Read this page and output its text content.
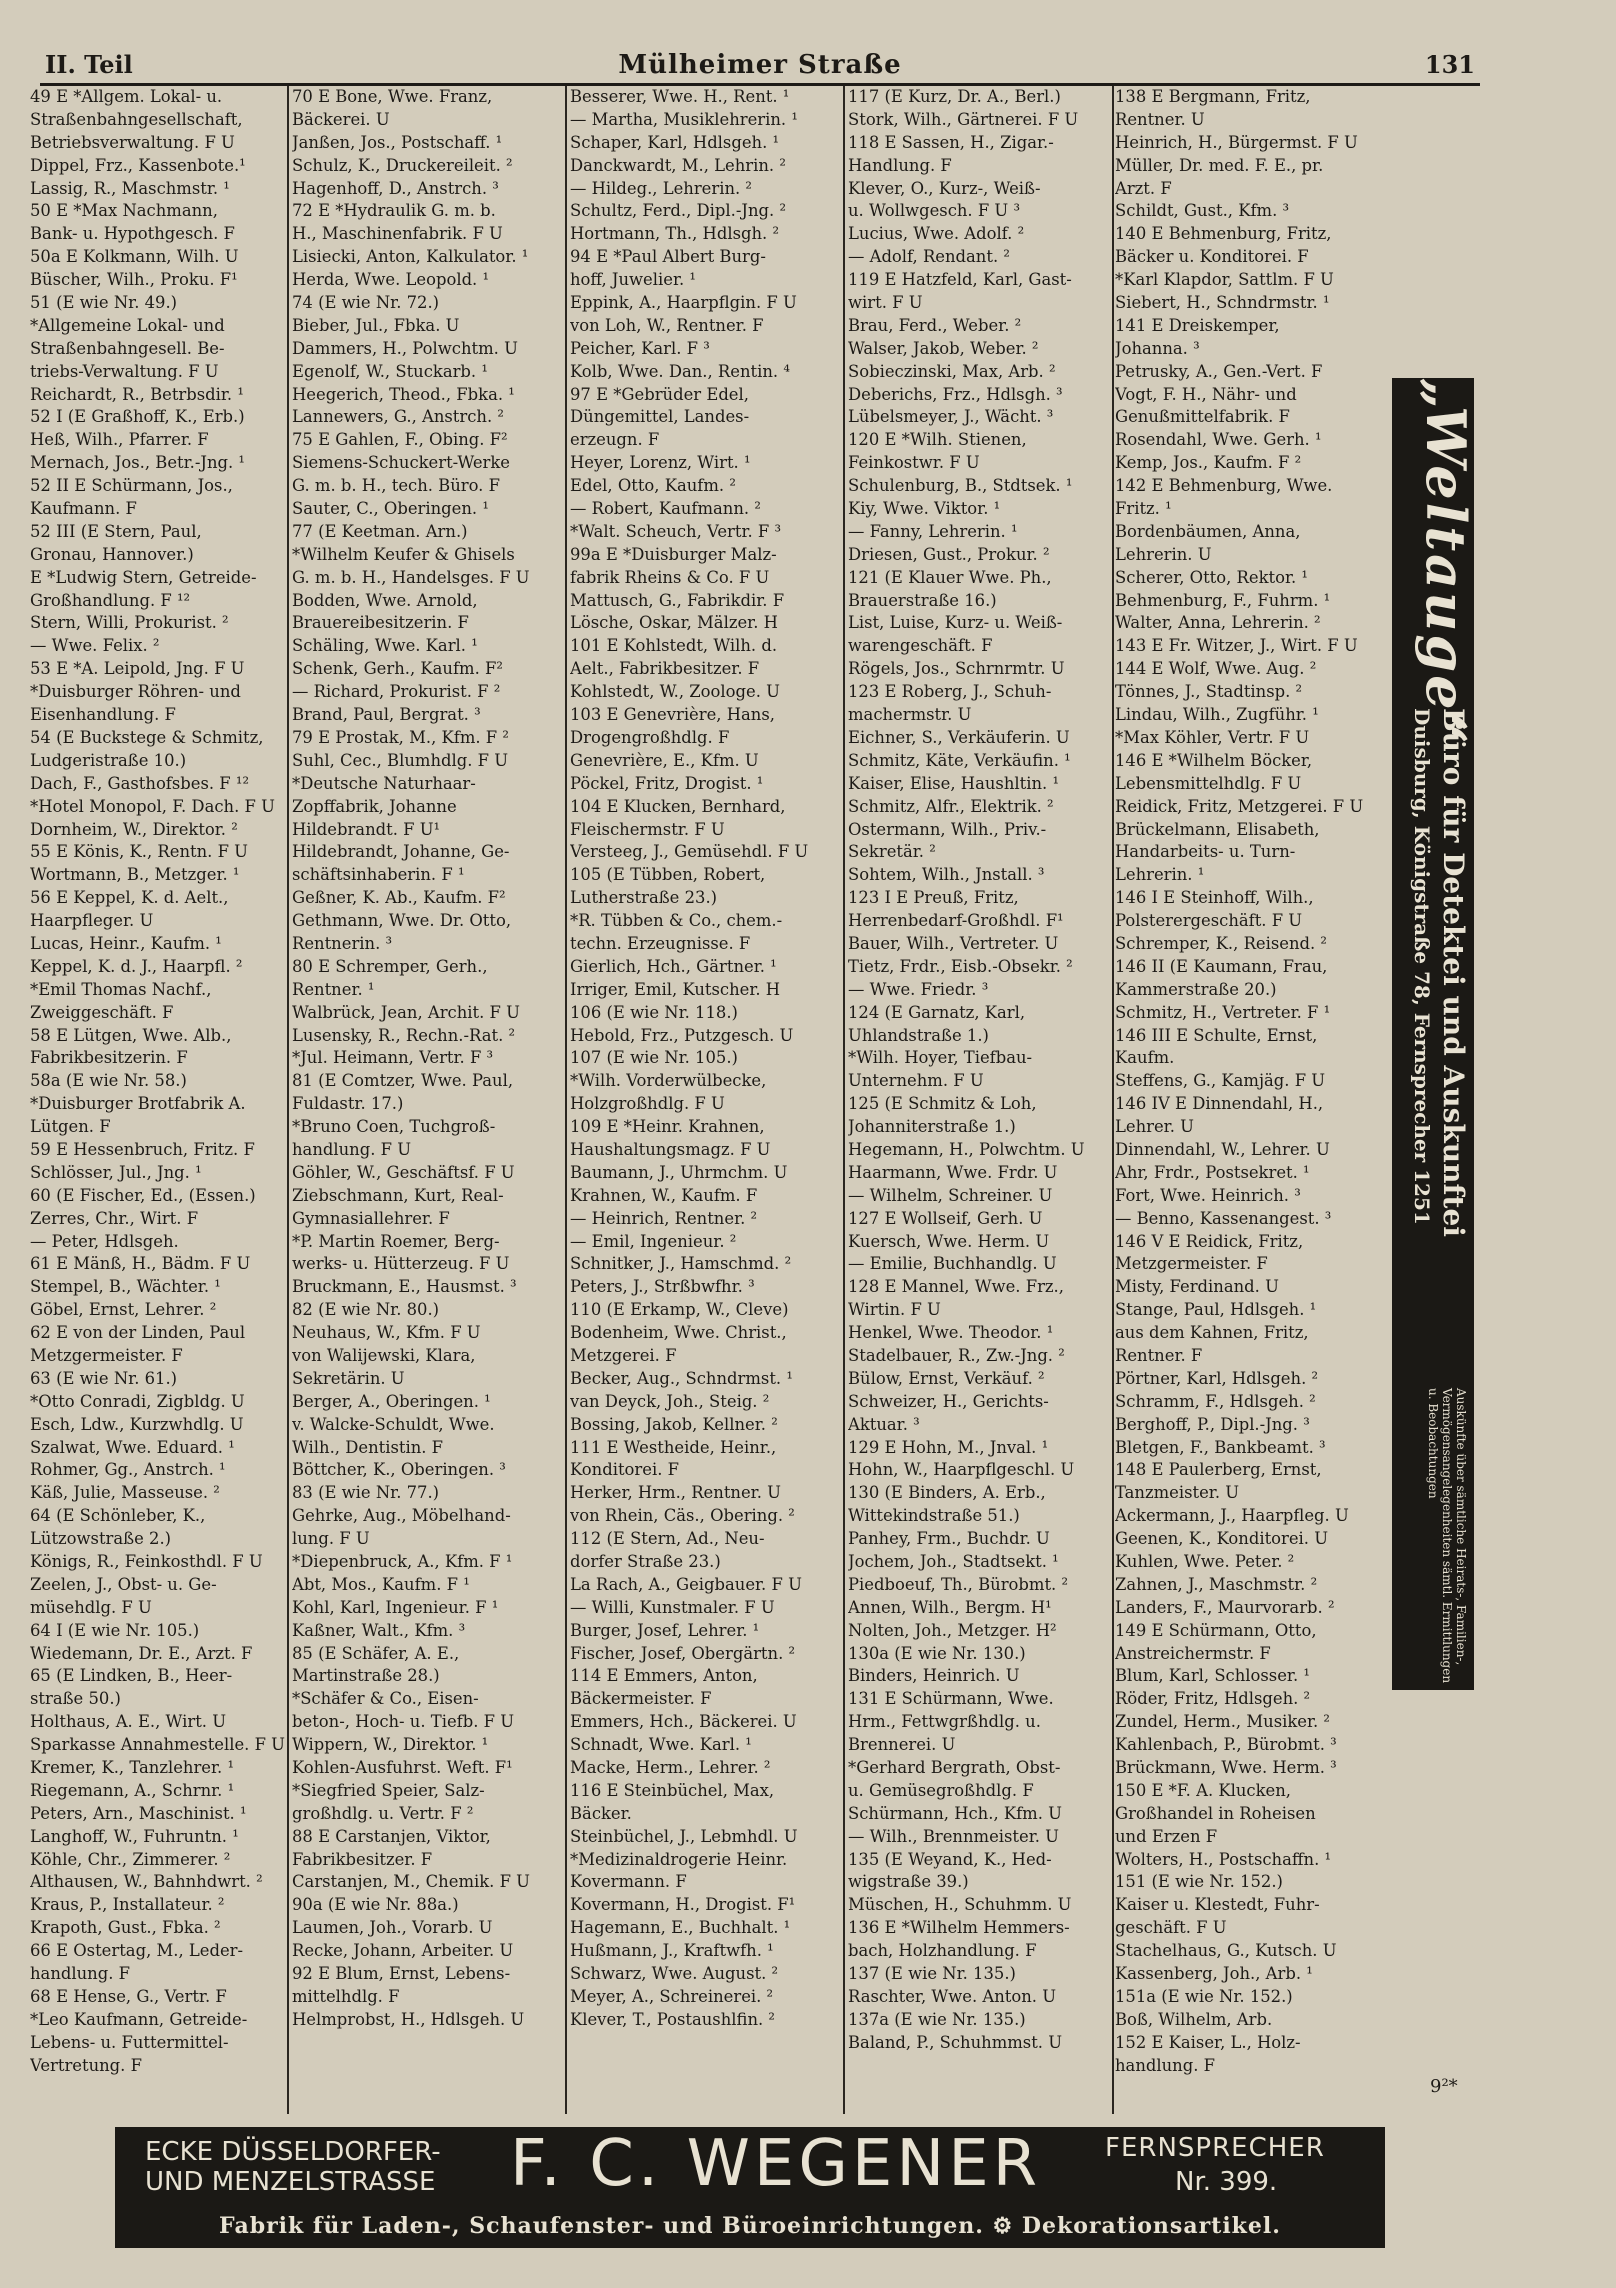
II. Teil	Mülheimer Straße	131
49 E *Allgem. Lokal- u.
Straßenbahngesellschaft,
Betriebsverwaltung. F U
Dippel, Frz., Kassenbote.¹
Lassig, R., Maschmstr. ¹
50 E *Max Nachmann,
Bank- u. Hypothgesch. F
50a E Kolkmann, Wilh. U
Büscher, Wilh., Proku. F¹
51 (E wie Nr. 49.)
*Allgemeine Lokal- und
Straßenbahngesell. Be-
triebs-Verwaltung. F U
Reichardt, R., Betrbsdir. ¹
52 I (E Graßhoff, K., Erb.)
Heß, Wilh., Pfarrer. F
Mernach, Jos., Betr.-Jng. ¹
52 II E Schürmann, Jos.,
Kaufmann. F
52 III (E Stern, Paul,
Gronau, Hannover.)
E *Ludwig Stern, Getreide-
Großhandlung. F ¹²
Stern, Willi, Prokurist. ²
— Wwe. Felix. ²
53 E *A. Leipold, Jng. F U
*Duisburger Röhren- und
Eisenhandlung. F
54 (E Buckstege & Schmitz,
Ludgeristraße 10.)
Dach, F., Gasthofsbes. F ¹²
*Hotel Monopol, F. Dach. F U
Dornheim, W., Direktor. ²
55 E Könis, K., Rentn. F U
Wortmann, B., Metzger. ¹
56 E Keppel, K. d. Aelt.,
Haarpfleger. U
Lucas, Heinr., Kaufm. ¹
Keppel, K. d. J., Haarpfl. ²
*Emil Thomas Nachf.,
Zweiggeschäft. F
58 E Lütgen, Wwe. Alb.,
Fabrikbesitzerin. F
58a (E wie Nr. 58.)
*Duisburger Brotfabrik A.
Lütgen. F
59 E Hessenbruch, Fritz. F
Schlösser, Jul., Jng. ¹
60 (E Fischer, Ed., (Essen.)
Zerres, Chr., Wirt. F
— Peter, Hdlsgeh.
61 E Mänß, H., Bädm. F U
Stempel, B., Wächter. ¹
Göbel, Ernst, Lehrer. ²
62 E von der Linden, Paul
Metzgermeister. F
63 (E wie Nr. 61.)
*Otto Conradi, Zigbldg. U
Esch, Ldw., Kurzwhdlg. U
Szalwat, Wwe. Eduard. ¹
Rohmer, Gg., Anstrch. ¹
Käß, Julie, Masseuse. ²
64 (E Schönleber, K.,
Lützowstraße 2.)
Königs, R., Feinkosthdl. F U
Zeelen, J., Obst- u. Ge-
müsehdlg. F U
64 I (E wie Nr. 105.)
Wiedemann, Dr. E., Arzt. F
65 (E Lindken, B., Heer-
straße 50.)
Holthaus, A. E., Wirt. U
Sparkasse Annahmestelle. F U
Kremer, K., Tanzlehrer. ¹
Riegemann, A., Schrnr. ¹
Peters, Arn., Maschinist. ¹
Langhoff, W., Fuhruntn. ¹
Köhle, Chr., Zimmerer. ²
Althausen, W., Bahnhdwrt. ²
Kraus, P., Installateur. ²
Krapoth, Gust., Fbka. ²
66 E Ostertag, M., Leder-
handlung. F
68 E Hense, G., Vertr. F
*Leo Kaufmann, Getreide-
Lebens- u. Futtermittel-
Vertretung. F
70 E Bone, Wwe. Franz,
Bäckerei. U
Janßen, Jos., Postschaff. ¹
Schulz, K., Druckereileit. ²
Hagenhoff, D., Anstrch. ³
72 E *Hydraulik G. m. b.
H., Maschinenfabrik. F U
Lisiecki, Anton, Kalkulator. ¹
Herda, Wwe. Leopold. ¹
74 (E wie Nr. 72.)
Bieber, Jul., Fbka. U
Dammers, H., Polwchtm. U
Egenolf, W., Stuckarb. ¹
Heegerich, Theod., Fbka. ¹
Lannewers, G., Anstrch. ²
75 E Gahlen, F., Obing. F²
Siemens-Schuckert-Werke
G. m. b. H., tech. Büro. F
Sauter, C., Oberingen. ¹
77 (E Keetman. Arn.)
*Wilhelm Keufer & Ghisels
G. m. b. H., Handelsges. F U
Bodden, Wwe. Arnold,
Brauereibesitzerin. F
Schäling, Wwe. Karl. ¹
Schenk, Gerh., Kaufm. F²
— Richard, Prokurist. F ²
Brand, Paul, Bergrat. ³
79 E Prostak, M., Kfm. F ²
Suhl, Cec., Blumhdlg. F U
*Deutsche Naturhaar-
Zopffabrik, Johanne
Hildebrandt. F U¹
Hildebrandt, Johanne, Ge-
schäftsinhaberin. F ¹
Geßner, K. Ab., Kaufm. F²
Gethmann, Wwe. Dr. Otto,
Rentnerin. ³
80 E Schremper, Gerh.,
Rentner. ¹
Walbrück, Jean, Archit. F U
Lusensky, R., Rechn.-Rat. ²
*Jul. Heimann, Vertr. F ³
81 (E Comtzer, Wwe. Paul,
Fuldastr. 17.)
*Bruno Coen, Tuchgroß-
handlung. F U
Göhler, W., Geschäftsf. F U
Ziebschmann, Kurt, Real-
Gymnasiallehrer. F
*P. Martin Roemer, Berg-
werks- u. Hütterzeug. F U
Bruckmann, E., Hausmst. ³
82 (E wie Nr. 80.)
Neuhaus, W., Kfm. F U
von Walijewski, Klara,
Sekretärin. U
Berger, A., Oberingen. ¹
v. Walcke-Schuldt, Wwe.
Wilh., Dentistin. F
Böttcher, K., Oberingen. ³
83 (E wie Nr. 77.)
Gehrke, Aug., Möbelhand-
lung. F U
*Diepenbruck, A., Kfm. F ¹
Abt, Mos., Kaufm. F ¹
Kohl, Karl, Ingenieur. F ¹
Kaßner, Walt., Kfm. ³
85 (E Schäfer, A. E.,
Martinstraße 28.)
*Schäfer & Co., Eisen-
beton-, Hoch- u. Tiefb. F U
Wippern, W., Direktor. ¹
Kohlen-Ausfuhrst. Weft. F¹
*Siegfried Speier, Salz-
großhdlg. u. Vertr. F ²
88 E Carstanjen, Viktor,
Fabrikbesitzer. F
Carstanjen, M., Chemik. F U
90a (E wie Nr. 88a.)
Laumen, Joh., Vorarb. U
Recke, Johann, Arbeiter. U
92 E Blum, Ernst, Lebens-
mittelhdlg. F
Helmprobst, H., Hdlsgeh. U
Besserer, Wwe. H., Rent. ¹
— Martha, Musiklehrerin. ¹
Schaper, Karl, Hdlsgeh. ¹
Danckwardt, M., Lehrin. ²
— Hildeg., Lehrerin. ²
Schultz, Ferd., Dipl.-Jng. ²
Hortmann, Th., Hdlsgh. ²
94 E *Paul Albert Burg-
hoff, Juwelier. ¹
Eppink, A., Haarpflgin. F U
von Loh, W., Rentner. F
Peicher, Karl. F ³
Kolb, Wwe. Dan., Rentin. ⁴
97 E *Gebrüder Edel,
Düngemittel, Landes-
erzeugn. F
Heyer, Lorenz, Wirt. ¹
Edel, Otto, Kaufm. ²
— Robert, Kaufmann. ²
*Walt. Scheuch, Vertr. F ³
99a E *Duisburger Malz-
fabrik Rheins & Co. F U
Mattusch, G., Fabrikdir. F
Lösche, Oskar, Mälzer. H
101 E Kohlstedt, Wilh. d.
Aelt., Fabrikbesitzer. F
Kohlstedt, W., Zoologe. U
103 E Genevrière, Hans,
Drogengroßhdlg. F
Genevrière, E., Kfm. U
Pöckel, Fritz, Drogist. ¹
104 E Klucken, Bernhard,
Fleischermstr. F U
Versteeg, J., Gemüsehdl. F U
105 (E Tübben, Robert,
Lutherstraße 23.)
*R. Tübben & Co., chem.-
techn. Erzeugnisse. F
Gierlich, Hch., Gärtner. ¹
Irriger, Emil, Kutscher. H
106 (E wie Nr. 118.)
Hebold, Frz., Putzgesch. U
107 (E wie Nr. 105.)
*Wilh. Vorderwülbecke,
Holzgroßhdlg. F U
109 E *Heinr. Krahnen,
Haushaltungsmagz. F U
Baumann, J., Uhrmchm. U
Krahnen, W., Kaufm. F
— Heinrich, Rentner. ²
— Emil, Ingenieur. ²
Schnitker, J., Hamschmd. ²
Peters, J., Strßbwfhr. ³
110 (E Erkamp, W., Cleve)
Bodenheim, Wwe. Christ.,
Metzgerei. F
Becker, Aug., Schndrmst. ¹
van Deyck, Joh., Steig. ²
Bossing, Jakob, Kellner. ²
111 E Westheide, Heinr.,
Konditorei. F
Herker, Hrm., Rentner. U
von Rhein, Cäs., Obering. ²
112 (E Stern, Ad., Neu-
dorfer Straße 23.)
La Rach, A., Geigbauer. F U
— Willi, Kunstmaler. F U
Burger, Josef, Lehrer. ¹
Fischer, Josef, Obergärtn. ²
114 E Emmers, Anton,
Bäckermeister. F
Emmers, Hch., Bäckerei. U
Schnadt, Wwe. Karl. ¹
Macke, Herm., Lehrer. ²
116 E Steinbüchel, Max,
Bäcker.
Steinbüchel, J., Lebmhdl. U
*Medizinaldrogerie Heinr.
Kovermann. F
Kovermann, H., Drogist. F¹
Hagemann, E., Buchhalt. ¹
Hußmann, J., Kraftwfh. ¹
Schwarz, Wwe. August. ²
Meyer, A., Schreinerei. ²
Klever, T., Postaushlfin. ²
117 (E Kurz, Dr. A., Berl.)
Stork, Wilh., Gärtnerei. F U
118 E Sassen, H., Zigar.-
Handlung. F
Klever, O., Kurz-, Weiß-
u. Wollwgesch. F U ³
Lucius, Wwe. Adolf. ²
— Adolf, Rendant. ²
119 E Hatzfeld, Karl, Gast-
wirt. F U
Brau, Ferd., Weber. ²
Walser, Jakob, Weber. ²
Sobieczinski, Max, Arb. ²
Deberichs, Frz., Hdlsgh. ³
Lübelsmeyer, J., Wächt. ³
120 E *Wilh. Stienen,
Feinkostwr. F U
Schulenburg, B., Stdtsek. ¹
Kiy, Wwe. Viktor. ¹
— Fanny, Lehrerin. ¹
Driesen, Gust., Prokur. ²
121 (E Klauer Wwe. Ph.,
Brauerstraße 16.)
List, Luise, Kurz- u. Weiß-
warengeschäft. F
Rögels, Jos., Schrnrmtr. U
123 E Roberg, J., Schuh-
machermstr. U
Eichner, S., Verkäuferin. U
Schmitz, Käte, Verkäufin. ¹
Kaiser, Elise, Haushltin. ¹
Schmitz, Alfr., Elektrik. ²
Ostermann, Wilh., Priv.-
Sekretär. ²
Sohtem, Wilh., Jnstall. ³
123 I E Preuß, Fritz,
Herrenbedarf-Großhdl. F¹
Bauer, Wilh., Vertreter. U
Tietz, Frdr., Eisb.-Obsekr. ²
— Wwe. Friedr. ³
124 (E Garnatz, Karl,
Uhlandstraße 1.)
*Wilh. Hoyer, Tiefbau-
Unternehm. F U
125 (E Schmitz & Loh,
Johanniterstraße 1.)
Hegemann, H., Polwchtm. U
Haarmann, Wwe. Frdr. U
— Wilhelm, Schreiner. U
127 E Wollseif, Gerh. U
Kuersch, Wwe. Herm. U
— Emilie, Buchhandlg. U
128 E Mannel, Wwe. Frz.,
Wirtin. F U
Henkel, Wwe. Theodor. ¹
Stadelbauer, R., Zw.-Jng. ²
Bülow, Ernst, Verkäuf. ²
Schweizer, H., Gerichts-
Aktuar. ³
129 E Hohn, M., Jnval. ¹
Hohn, W., Haarpflgeschl. U
130 (E Binders, A. Erb.,
Wittekindstraße 51.)
Panhey, Frm., Buchdr. U
Jochem, Joh., Stadtsekt. ¹
Piedboeuf, Th., Bürobmt. ²
Annen, Wilh., Bergm. H¹
Nolten, Joh., Metzger. H²
130a (E wie Nr. 130.)
Binders, Heinrich. U
131 E Schürmann, Wwe.
Hrm., Fettwgrßhdlg. u.
Brennerei. U
*Gerhard Bergrath, Obst-
u. Gemüsegroßhdlg. F
Schürmann, Hch., Kfm. U
— Wilh., Brennmeister. U
135 (E Weyand, K., Hed-
wigstraße 39.)
Müschen, H., Schuhmm. U
136 E *Wilhelm Hemmers-
bach, Holzhandlung. F
137 (E wie Nr. 135.)
Raschter, Wwe. Anton. U
137a (E wie Nr. 135.)
Baland, P., Schuhmmst. U
138 E Bergmann, Fritz,
Rentner. U
Heinrich, H., Bürgermst. F U
Müller, Dr. med. F. E., pr.
Arzt. F
Schildt, Gust., Kfm. ³
140 E Behmenburg, Fritz,
Bäcker u. Konditorei. F
*Karl Klapdor, Sattlm. F U
Siebert, H., Schndrmstr. ¹
141 E Dreiskemper,
Johanna. ³
Petrusky, A., Gen.-Vert. F
Vogt, F. H., Nähr- und
Genußmittelfabrik. F
Rosendahl, Wwe. Gerh. ¹
Kemp, Jos., Kaufm. F ²
142 E Behmenburg, Wwe.
Fritz. ¹
Bordenbäumen, Anna,
Lehrerin. U
Scherer, Otto, Rektor. ¹
Behmenburg, F., Fuhrm. ¹
Walter, Anna, Lehrerin. ²
143 E Fr. Witzer, J., Wirt. F U
144 E Wolf, Wwe. Aug. ²
Tönnes, J., Stadtinsp. ²
Lindau, Wilh., Zugführ. ¹
*Max Köhler, Vertr. F U
146 E *Wilhelm Böcker,
Lebensmittelhdlg. F U
Reidick, Fritz, Metzgerei. F U
Brückelmann, Elisabeth,
Handarbeits- u. Turn-
Lehrerin. ¹
146 I E Steinhoff, Wilh.,
Polsterergeschäft. F U
Schremper, K., Reisend. ²
146 II (E Kaumann, Frau,
Kammerstraße 20.)
Schmitz, H., Vertreter. F ¹
146 III E Schulte, Ernst,
Kaufm.
Steffens, G., Kamjäg. F U
146 IV E Dinnendahl, H.,
Lehrer. U
Dinnendahl, W., Lehrer. U
Ahr, Frdr., Postsekret. ¹
Fort, Wwe. Heinrich. ³
— Benno, Kassenangest. ³
146 V E Reidick, Fritz,
Metzgermeister. F
Misty, Ferdinand. U
Stange, Paul, Hdlsgeh. ¹
aus dem Kahnen, Fritz,
Rentner. F
Pörtner, Karl, Hdlsgeh. ²
Schramm, F., Hdlsgeh. ²
Berghoff, P., Dipl.-Jng. ³
Bletgen, F., Bankbeamt. ³
148 E Paulerberg, Ernst,
Tanzmeister. U
Ackermann, J., Haarpfleg. U
Geenen, K., Konditorei. U
Kuhlen, Wwe. Peter. ²
Zahnen, J., Maschmstr. ²
Landers, F., Maurvorarb. ²
149 E Schürmann, Otto,
Anstreichermstr. F
Blum, Karl, Schlosser. ¹
Röder, Fritz, Hdlsgeh. ²
Zundel, Herm., Musiker. ²
Kahlenbach, P., Bürobmt. ³
Brückmann, Wwe. Herm. ³
150 E *F. A. Klucken,
Großhandel in Roheisen
und Erzen F
Wolters, H., Postschaffn. ¹
151 (E wie Nr. 152.)
Kaiser u. Klestedt, Fuhr-
geschäft. F U
Stachelhaus, G., Kutsch. U
Kassenberg, Joh., Arb. ¹
151a (E wie Nr. 152.)
Boß, Wilhelm, Arb.
152 E Kaiser, L., Holz-
handlung. F
„Weltauge“
Büro für Detektei und Auskunftei
Duisburg, Königstraße 78, Fernsprecher 1251
Auskünfte über sämtliche Heirats-, Familien-, Vermögensangelegenheiten sämtl. Ermittlungen u. Beobachtungen
9²*
ECKE DÜSSELDORFER-
UND MENZELSTRASSE F. C. WEGENER FERNSPRECHER
Nr. 399.
Fabrik für Laden-, Schaufenster- und Büroeinrichtungen. ⚙ Dekorationsartikel.
